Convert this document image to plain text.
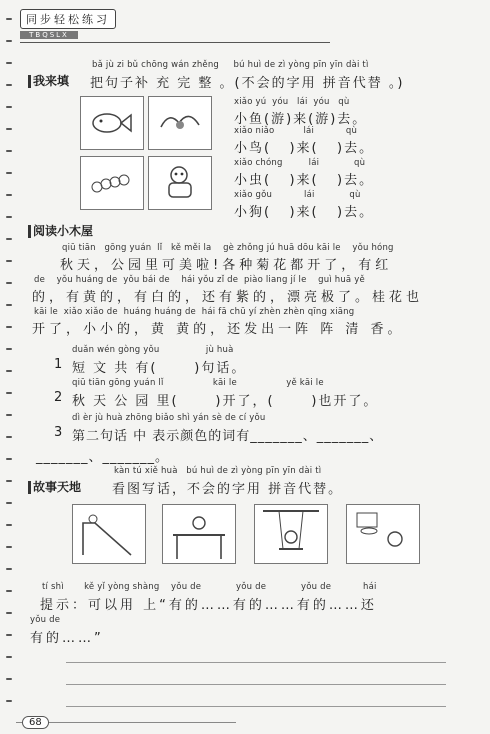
同步轻松练习
TBQSLX
我来填
bǎ jù zi bǔ chōng wán zhěng     bú huì de zì yòng pīn yīn dài tì
把句子补 充 完 整 。(不会的字用 拼音代替 。)
xiǎo yú  yóu   lái  yóu   qù
小鱼(游)来(游)去。
xiǎo niǎo          lái           qù
小鸟(   )来(   )去。
xiǎo chóng         lái            qù
小虫(   )来(   )去。
xiǎo gǒu           lái            qù
小狗(   )来(   )去。
阅读小木屋
qiū tiān   gōng yuán  lǐ   kě měi la    gè zhǒng jú huā dōu kāi le    yǒu hóng
秋天，公园里可美啦!各种菊花都开了，有红
de    yǒu huáng de  yǒu bái de    hái yǒu zǐ de  piào liang jí le    guì huā yě
的，有黄的，有白的，还有紫的，漂亮极了。桂花也
kāi le  xiǎo xiǎo de  huáng huáng de  hái fā chū yí zhèn zhèn qīng xiāng
开了，小小的，黄 黄的，还发出一阵 阵 清 香。
duǎn wén gòng yǒu                jù huà
1 短 文 共 有(      )句话。
qiū tiān gōng yuán lǐ                 kāi le                 yě kāi le
2 秋 天 公 园 里(      )开了，(      )也开了。
dì èr jù huà zhōng biǎo shì yán sè de cí yǒu
3 第二句话 中 表示颜色的词有_______、_______、
_______、_______。
故事天地
kàn tú xiě huà   bú huì de zì yòng pīn yīn dài tì
看图写话，不会的字用 拼音代替。
tí shì       kě yǐ yòng shàng    yǒu de            yǒu de            yǒu de           hái
提示：可以用 上“有的……有的……有的……还
yǒu de
有的……”
68
